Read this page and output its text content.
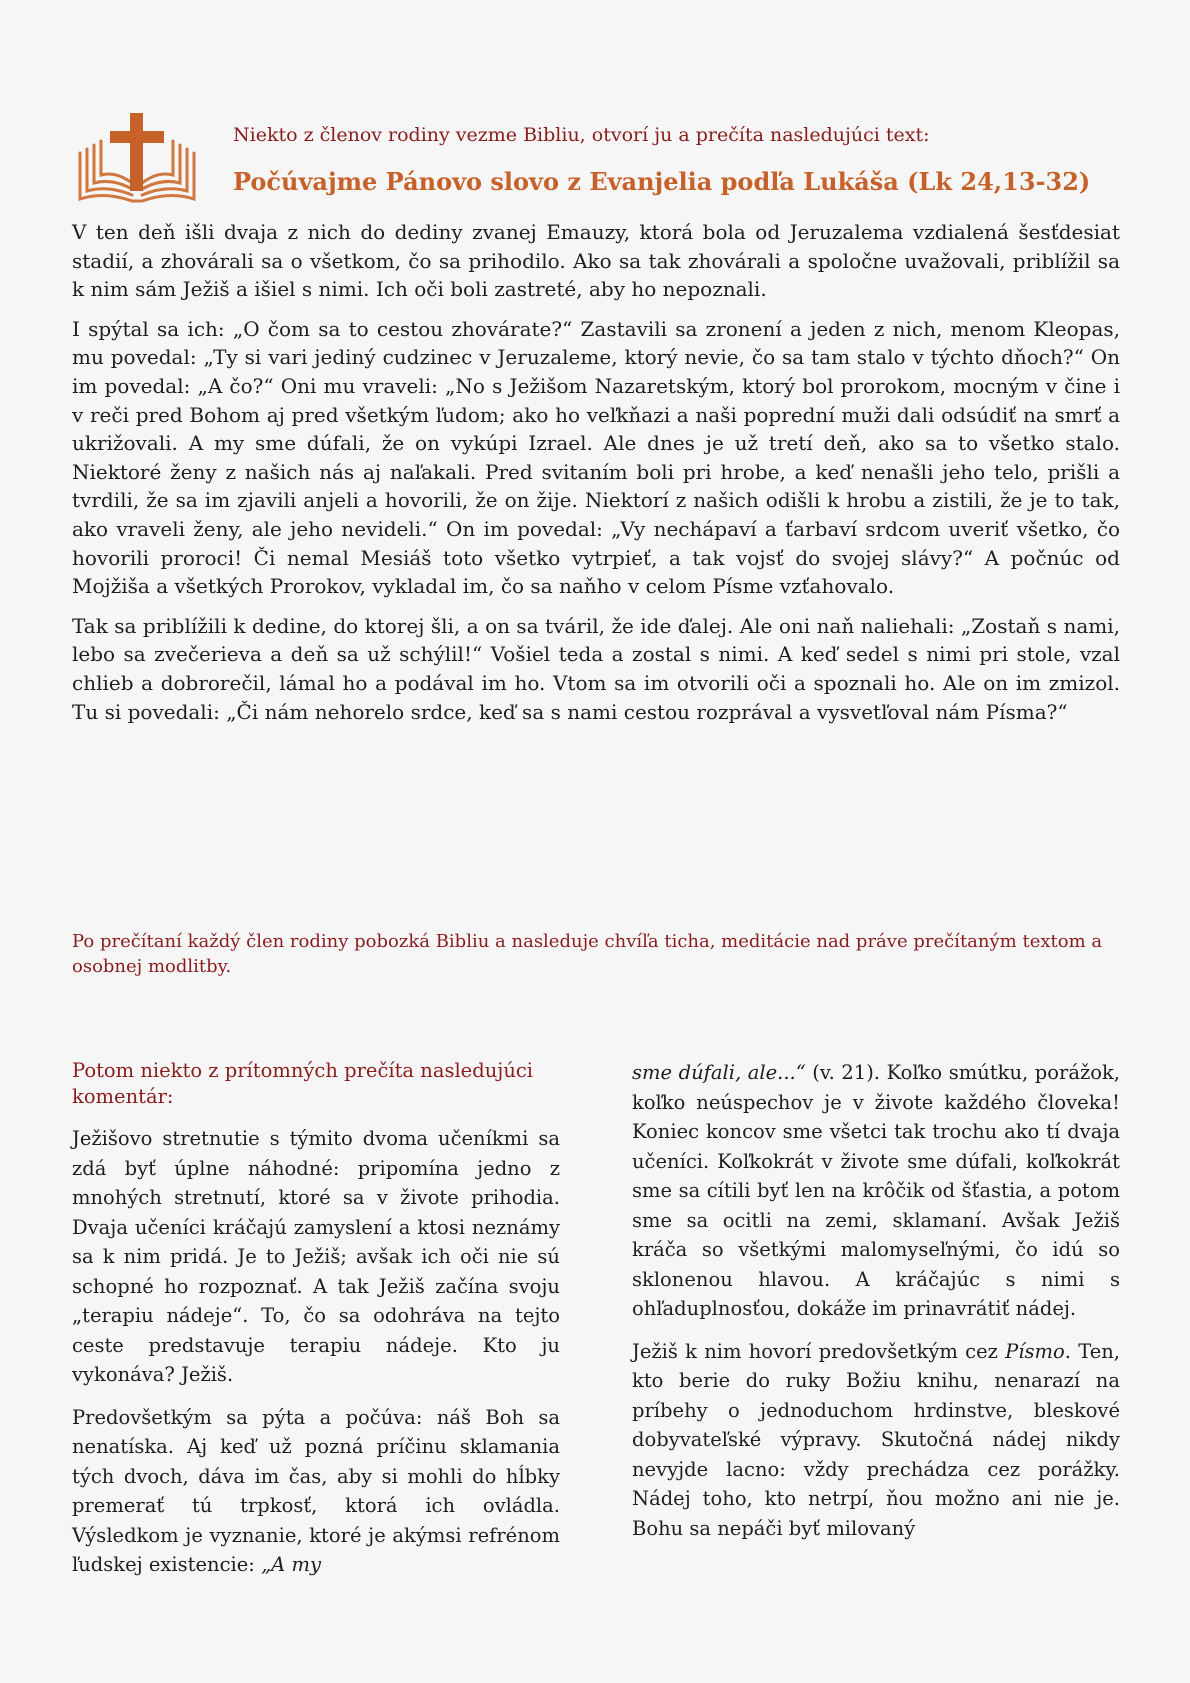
Niekto z členov rodiny vezme Bibliu, otvorí ju a prečíta nasledujúci text:

Počúvajme Pánovo slovo z Evanjelia podľa Lukáša (Lk 24,13-32)

V ten deň išli dvaja z nich do dediny zvanej Emauzy, ktorá bola od Jeruzalema vzdialená šesťdesiat stadií, a zhovárali sa o všetkom, čo sa prihodilo. Ako sa tak zhovárali a spoločne uvažovali, priblížil sa k nim sám Ježiš a išiel s nimi. Ich oči boli zastreté, aby ho nepoznali.

I spýtal sa ich: „O čom sa to cestou zhovárate?“ Zastavili sa zronení a jeden z nich, menom Kleopas, mu povedal: „Ty si vari jediný cudzinec v Jeruzaleme, ktorý nevie, čo sa tam stalo v týchto dňoch?“ On im povedal: „A čo?“ Oni mu vraveli: „No s Ježišom Nazaretským, ktorý bol prorokom, mocným v čine i v reči pred Bohom aj pred všetkým ľudom; ako ho veľkňazi a naši poprední muži dali odsúdiť na smrť a ukrižovali. A my sme dúfali, že on vykúpi Izrael. Ale dnes je už tretí deň, ako sa to všetko stalo. Niektoré ženy z našich nás aj naľakali. Pred svitaním boli pri hrobe, a keď nenašli jeho telo, prišli a tvrdili, že sa im zjavili anjeli a hovorili, že on žije. Niektorí z našich odišli k hrobu a zistili, že je to tak, ako vraveli ženy, ale jeho nevideli.“ On im povedal: „Vy nechápaví a ťarbaví srdcom uveriť všetko, čo hovorili proroci! Či nemal Mesiáš toto všetko vytrpieť, a tak vojsť do svojej slávy?“ A počnúc od Mojžiša a všetkých Prorokov, vykladal im, čo sa naňho v celom Písme vzťahovalo.

Tak sa priblížili k dedine, do ktorej šli, a on sa tváril, že ide ďalej. Ale oni naň naliehali: „Zostaň s nami, lebo sa zvečerieva a deň sa už schýlil!“ Vošiel teda a zostal s nimi. A keď sedel s nimi pri stole, vzal chlieb a dobrorečil, lámal ho a podával im ho. Vtom sa im otvorili oči a spoznali ho. Ale on im zmizol. Tu si povedali: „Či nám nehorelo srdce, keď sa s nami cestou rozprával a vysvetľoval nám Písma?“

Po prečítaní každý člen rodiny pobozká Bibliu a nasleduje chvíľa ticha, meditácie nad práve prečítaným textom a osobnej modlitby.

Potom niekto z prítomných prečíta nasledujúci komentár:

Ježišovo stretnutie s týmito dvoma učeníkmi sa zdá byť úplne náhodné: pripomína jedno z mnohých stretnutí, ktoré sa v živote prihodia. Dvaja učeníci kráčajú zamyslení a ktosi neznámy sa k nim pridá. Je to Ježiš; avšak ich oči nie sú schopné ho rozpoznať. A tak Ježiš začína svoju „terapiu nádeje“. To, čo sa odohráva na tejto ceste predstavuje terapiu nádeje. Kto ju vykonáva? Ježiš.

Predovšetkým sa pýta a počúva: náš Boh sa nenatíska. Aj keď už pozná príčinu sklamania tých dvoch, dáva im čas, aby si mohli do hĺbky premerať tú trpkosť, ktorá ich ovládla. Výsledkom je vyznanie, ktoré je akýmsi refrénom ľudskej existencie: „A my

sme dúfali, ale...“ (v. 21). Koľko smútku, porážok, koľko neúspechov je v živote každého človeka! Koniec koncov sme všetci tak trochu ako tí dvaja učeníci. Koľkokrát v živote sme dúfali, koľkokrát sme sa cítili byť len na krôčik od šťastia, a potom sme sa ocitli na zemi, sklamaní. Avšak Ježiš kráča so všetkými malomyseľnými, čo idú so sklonenou hlavou. A kráčajúc s nimi s ohľaduplnosťou, dokáže im prinavrátiť nádej.

Ježiš k nim hovorí predovšetkým cez Písmo. Ten, kto berie do ruky Božiu knihu, nenarazí na príbehy o jednoduchom hrdinstve, bleskové dobyvateľské výpravy. Skutočná nádej nikdy nevyjde lacno: vždy prechádza cez porážky. Nádej toho, kto netrpí, ňou možno ani nie je. Bohu sa nepáči byť milovaný
